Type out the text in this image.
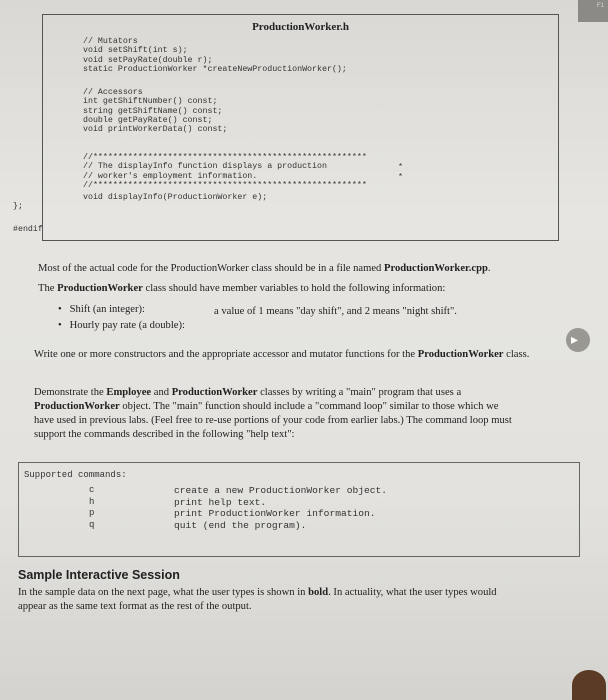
F1
ProductionWorker.h
// Mutators
void setShift(int s);
void setPayRate(double r);
static ProductionWorker *createNewProductionWorker();
// Accessors
int getShiftNumber() const;
string getShiftName() const;
double getPayRate() const;
void printWorkerData() const;
//*******************************************************
// The displayInfo function displays a production
// worker's employment information.
//*******************************************************
*
*
void displayInfo(ProductionWorker e);
};
#endif
Most of the actual code for the ProductionWorker class should be in a file named ProductionWorker.cpp.
The ProductionWorker class should have member variables to hold the following information:
•   Shift (an integer):	a value of 1 means "day shift", and 2 means "night shift".
•   Hourly pay rate (a double):
Write one or more constructors and the appropriate accessor and mutator functions for the ProductionWorker class.
Demonstrate the Employee and ProductionWorker classes by writing a "main" program that uses a
ProductionWorker object. The "main" function should include a "command loop" similar to those which we
have used in previous labs. (Feel free to re-use portions of your code from earlier labs.) The command loop must
support the commands described in the following "help text":
Supported commands:
c
h
p
q
create a new ProductionWorker object.
print help text.
print ProductionWorker information.
quit (end the program).
Sample Interactive Session
In the sample data on the next page, what the user types is shown in bold. In actuality, what the user types would
appear as the same text format as the rest of the output.
▸
